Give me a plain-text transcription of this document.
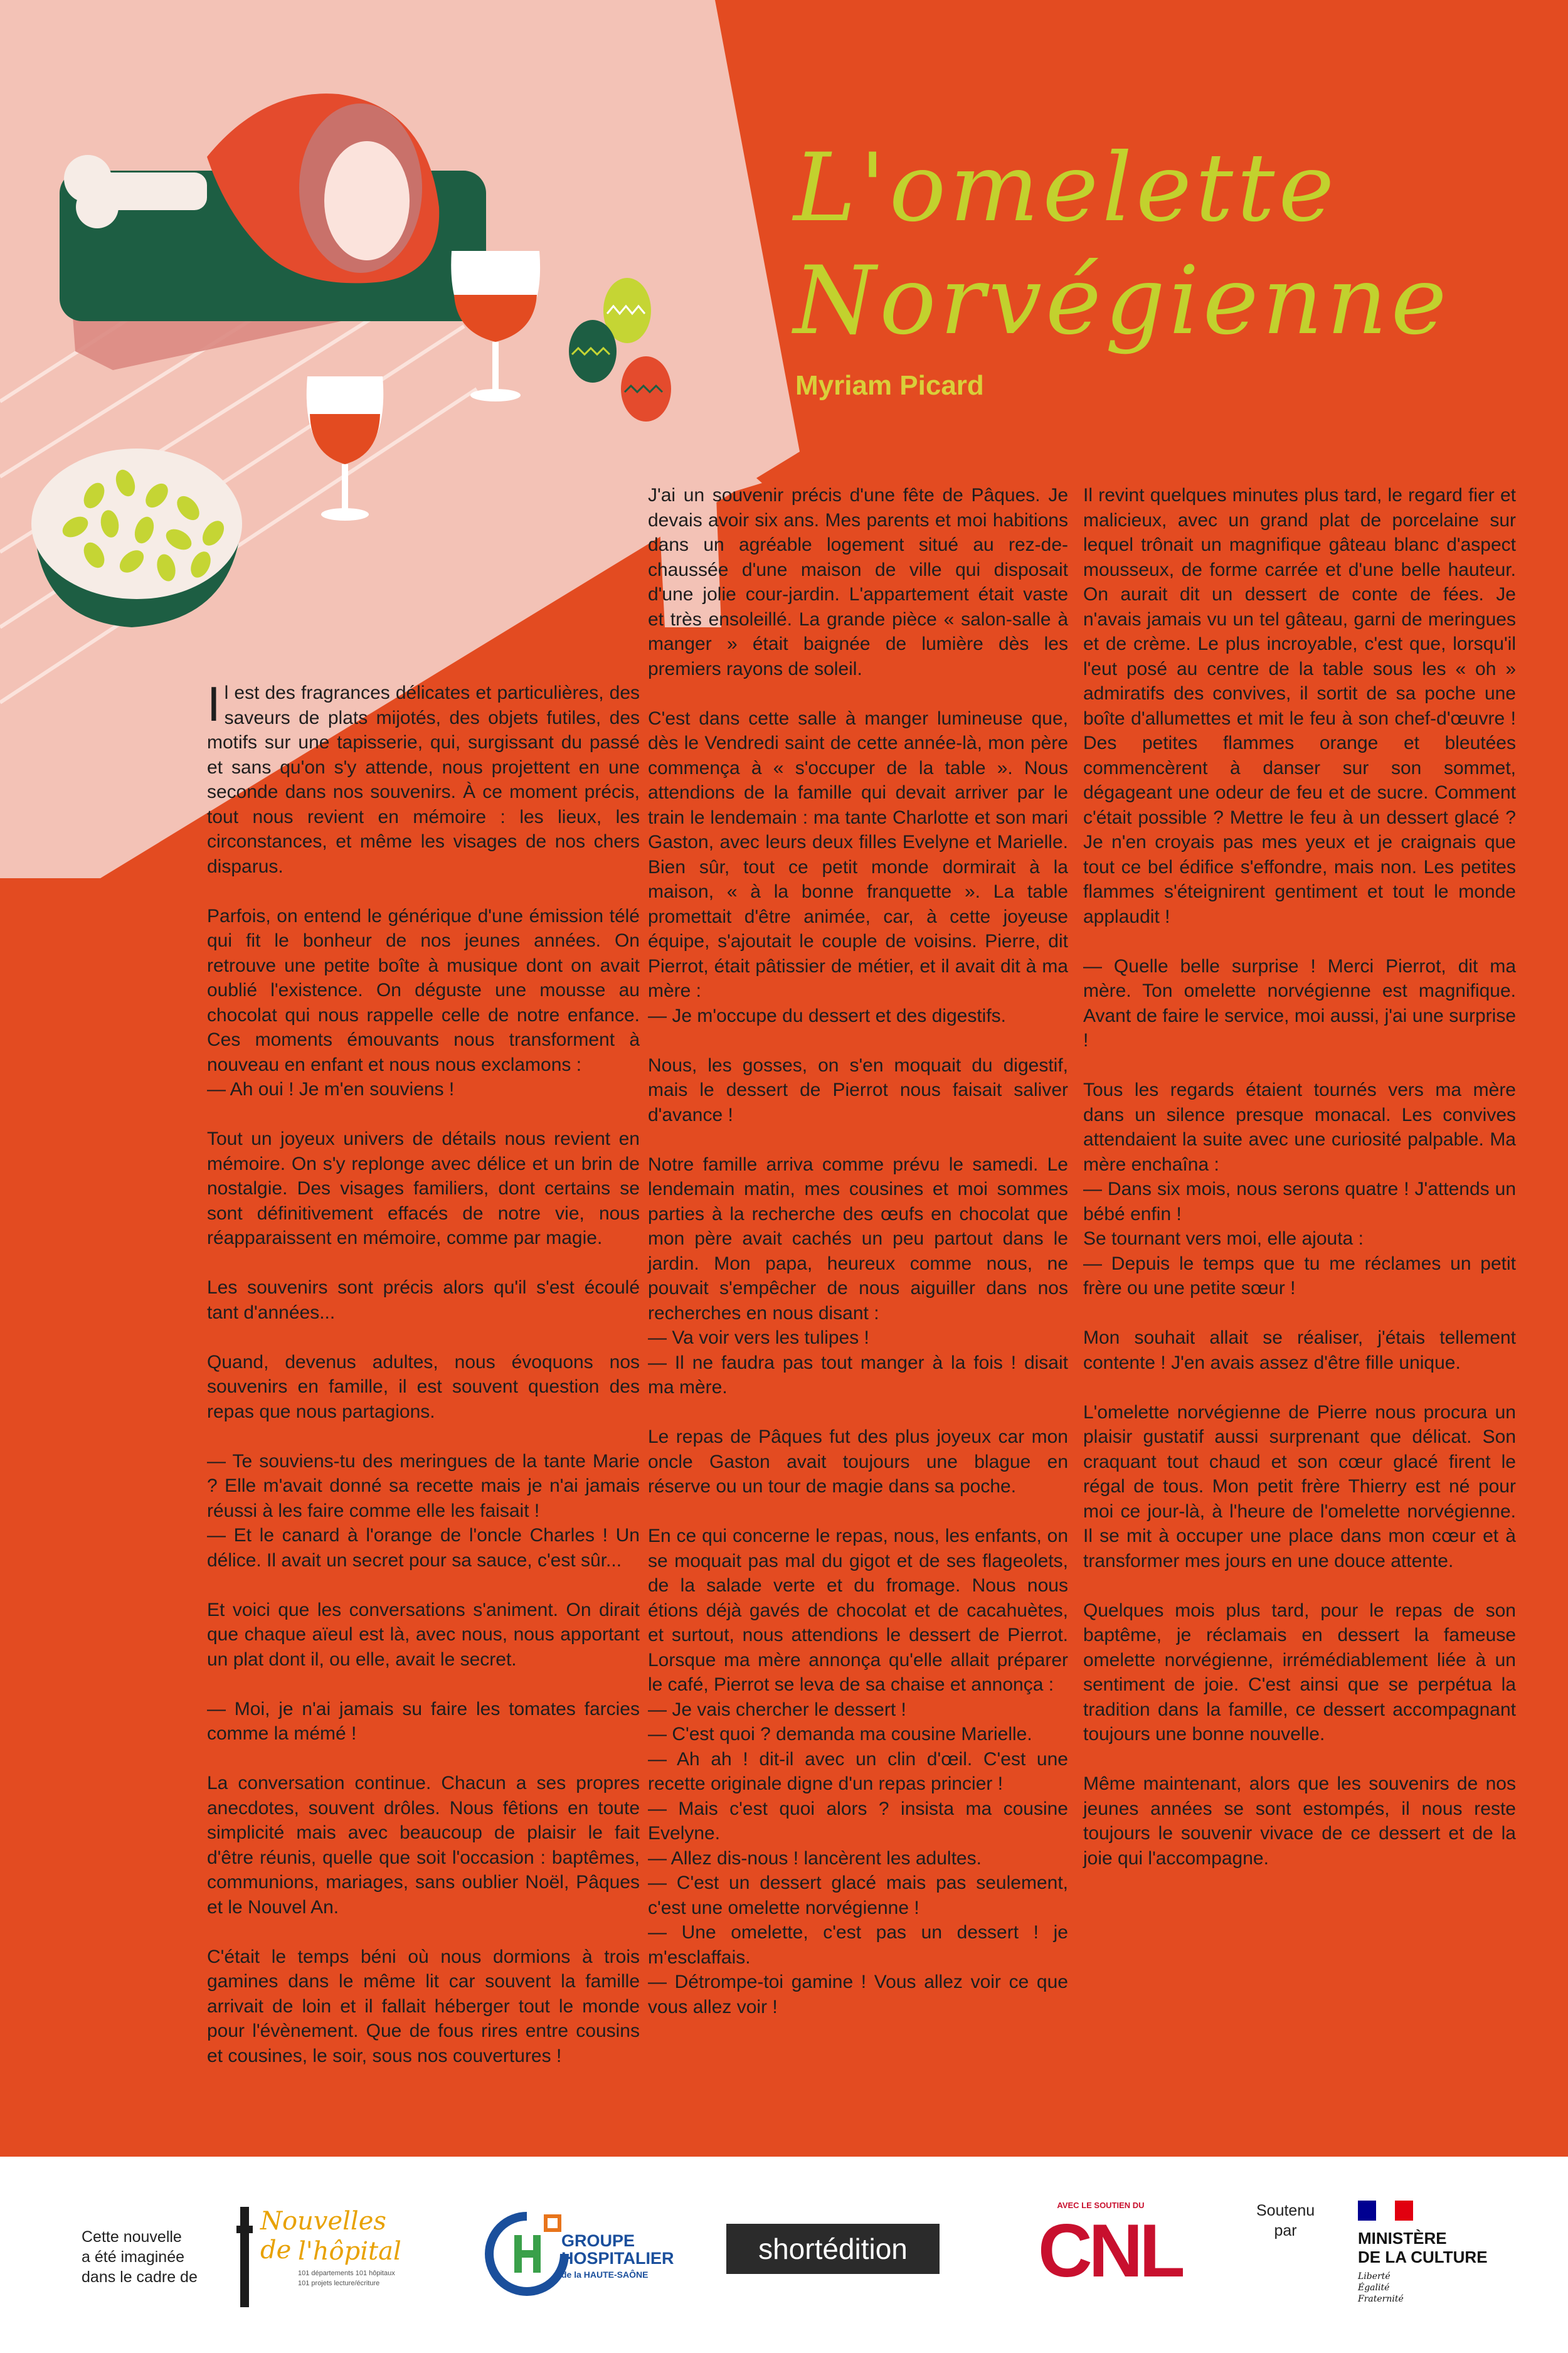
L'omelette
Norvégienne
Myriam Picard

Il est des fragrances délicates et particulières, des saveurs de plats mijotés, des objets futiles, des motifs sur une tapisserie, qui, surgissant du passé et sans qu'on s'y attende, nous projettent en une seconde dans nos souvenirs. À ce moment précis, tout nous revient en mémoire : les lieux, les circonstances, et même les visages de nos chers disparus.

Parfois, on entend le générique d'une émission télé qui fit le bonheur de nos jeunes années. On retrouve une petite boîte à musique dont on avait oublié l'existence. On déguste une mousse au chocolat qui nous rappelle celle de notre enfance. Ces moments émouvants nous transforment à nouveau en enfant et nous nous exclamons :
— Ah oui ! Je m'en souviens !

Tout un joyeux univers de détails nous revient en mémoire. On s'y replonge avec délice et un brin de nostalgie. Des visages familiers, dont certains se sont définitivement effacés de notre vie, nous réapparaissent en mémoire, comme par magie.

Les souvenirs sont précis alors qu'il s'est écoulé tant d'années...

Quand, devenus adultes, nous évoquons nos souvenirs en famille, il est souvent question des repas que nous partagions.

— Te souviens-tu des meringues de la tante Marie ? Elle m'avait donné sa recette mais je n'ai jamais réussi à les faire comme elle les faisait !
— Et le canard à l'orange de l'oncle Charles ! Un délice. Il avait un secret pour sa sauce, c'est sûr...

Et voici que les conversations s'animent. On dirait que chaque aïeul est là, avec nous, nous apportant un plat dont il, ou elle, avait le secret.

— Moi, je n'ai jamais su faire les tomates farcies comme la mémé !

La conversation continue. Chacun a ses propres anecdotes, souvent drôles. Nous fêtions en toute simplicité mais avec beaucoup de plaisir le fait d'être réunis, quelle que soit l'occasion : baptêmes, communions, mariages, sans oublier Noël, Pâques et le Nouvel An.

C'était le temps béni où nous dormions à trois gamines dans le même lit car souvent la famille arrivait de loin et il fallait héberger tout le monde pour l'évènement. Que de fous rires entre cousins et cousines, le soir, sous nos couvertures !

J'ai un souvenir précis d'une fête de Pâques. Je devais avoir six ans. Mes parents et moi habitions dans un agréable logement situé au rez-de-chaussée d'une maison de ville qui disposait d'une jolie cour-jardin. L'appartement était vaste et très ensoleillé. La grande pièce « salon-salle à manger » était baignée de lumière dès les premiers rayons de soleil.

C'est dans cette salle à manger lumineuse que, dès le Vendredi saint de cette année-là, mon père commença à « s'occuper de la table ». Nous attendions de la famille qui devait arriver par le train le lendemain : ma tante Charlotte et son mari Gaston, avec leurs deux filles Evelyne et Marielle. Bien sûr, tout ce petit monde dormirait à la maison, « à la bonne franquette ». La table promettait d'être animée, car, à cette joyeuse équipe, s'ajoutait le couple de voisins. Pierre, dit Pierrot, était pâtissier de métier, et il avait dit à ma mère :
— Je m'occupe du dessert et des digestifs.

Nous, les gosses, on s'en moquait du digestif, mais le dessert de Pierrot nous faisait saliver d'avance !

Notre famille arriva comme prévu le samedi. Le lendemain matin, mes cousines et moi sommes parties à la recherche des œufs en chocolat que mon père avait cachés un peu partout dans le jardin. Mon papa, heureux comme nous, ne pouvait s'empêcher de nous aiguiller dans nos recherches en nous disant :
— Va voir vers les tulipes !
— Il ne faudra pas tout manger à la fois ! disait ma mère.

Le repas de Pâques fut des plus joyeux car mon oncle Gaston avait toujours une blague en réserve ou un tour de magie dans sa poche.

En ce qui concerne le repas, nous, les enfants, on se moquait pas mal du gigot et de ses flageolets, de la salade verte et du fromage. Nous nous étions déjà gavés de chocolat et de cacahuètes, et surtout, nous attendions le dessert de Pierrot. Lorsque ma mère annonça qu'elle allait préparer le café, Pierrot se leva de sa chaise et annonça :
— Je vais chercher le dessert !
— C'est quoi ? demanda ma cousine Marielle.
— Ah ah ! dit-il avec un clin d'œil. C'est une recette originale digne d'un repas princier !
— Mais c'est quoi alors ? insista ma cousine Evelyne.
— Allez dis-nous ! lancèrent les adultes.
— C'est un dessert glacé mais pas seulement, c'est une omelette norvégienne !
— Une omelette, c'est pas un dessert ! je m'esclaffais.
— Détrompe-toi gamine ! Vous allez voir ce que vous allez voir !

Il revint quelques minutes plus tard, le regard fier et malicieux, avec un grand plat de porcelaine sur lequel trônait un magnifique gâteau blanc d'aspect mousseux, de forme carrée et d'une belle hauteur. On aurait dit un dessert de conte de fées. Je n'avais jamais vu un tel gâteau, garni de meringues et de crème. Le plus incroyable, c'est que, lorsqu'il l'eut posé au centre de la table sous les « oh » admiratifs des convives, il sortit de sa poche une boîte d'allumettes et mit le feu à son chef-d'œuvre ! Des petites flammes orange et bleutées commencèrent à danser sur son sommet, dégageant une odeur de feu et de sucre. Comment c'était possible ? Mettre le feu à un dessert glacé ? Je n'en croyais pas mes yeux et je craignais que tout ce bel édifice s'effondre, mais non. Les petites flammes s'éteignirent gentiment et tout le monde applaudit !

— Quelle belle surprise ! Merci Pierrot, dit ma mère. Ton omelette norvégienne est magnifique. Avant de faire le service, moi aussi, j'ai une surprise !

Tous les regards étaient tournés vers ma mère dans un silence presque monacal. Les convives attendaient la suite avec une curiosité palpable. Ma mère enchaîna :
— Dans six mois, nous serons quatre ! J'attends un bébé enfin !
Se tournant vers moi, elle ajouta :
— Depuis le temps que tu me réclames un petit frère ou une petite sœur !

Mon souhait allait se réaliser, j'étais tellement contente ! J'en avais assez d'être fille unique.

L'omelette norvégienne de Pierre nous procura un plaisir gustatif aussi surprenant que délicat. Son craquant tout chaud et son cœur glacé firent le régal de tous. Mon petit frère Thierry est né pour moi ce jour-là, à l'heure de l'omelette norvégienne. Il se mit à occuper une place dans mon cœur et à transformer mes jours en une douce attente.

Quelques mois plus tard, pour le repas de son baptême, je réclamais en dessert la fameuse omelette norvégienne, irrémédiablement liée à un sentiment de joie. C'est ainsi que se perpétua la tradition dans la famille, ce dessert accompagnant toujours une bonne nouvelle.

Même maintenant, alors que les souvenirs de nos jeunes années se sont estompés, il nous reste toujours le souvenir vivace de ce dessert et de la joie qui l'accompagne.

Cette nouvelle
a été imaginée
dans le cadre de
Nouvelles de l'hôpital
101 départements 101 hôpitaux
101 projets lecture/écriture
GROUPE
HOSPITALIER
de la HAUTE-SAÔNE
shortédition
AVEC LE SOUTIEN DU
CNL	Soutenu
par	MINISTÈRE
DE LA CULTURE
Liberté
Égalité
Fraternité
